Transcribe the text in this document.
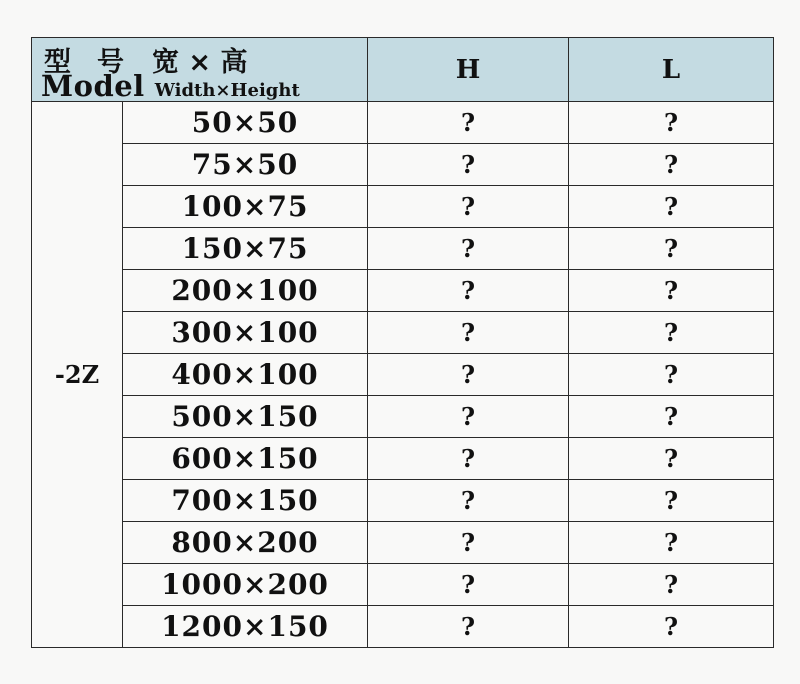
型 号 宽 × 高
Model Width×Height		H	L
-2Z	50×50	?	?
	75×50	?	?
	100×75	?	?
	150×75	?	?
	200×100	?	?
	300×100	?	?
	400×100	?	?
	500×150	?	?
	600×150	?	?
	700×150	?	?
	800×200	?	?
	1000×200	?	?
	1200×150	?	?
